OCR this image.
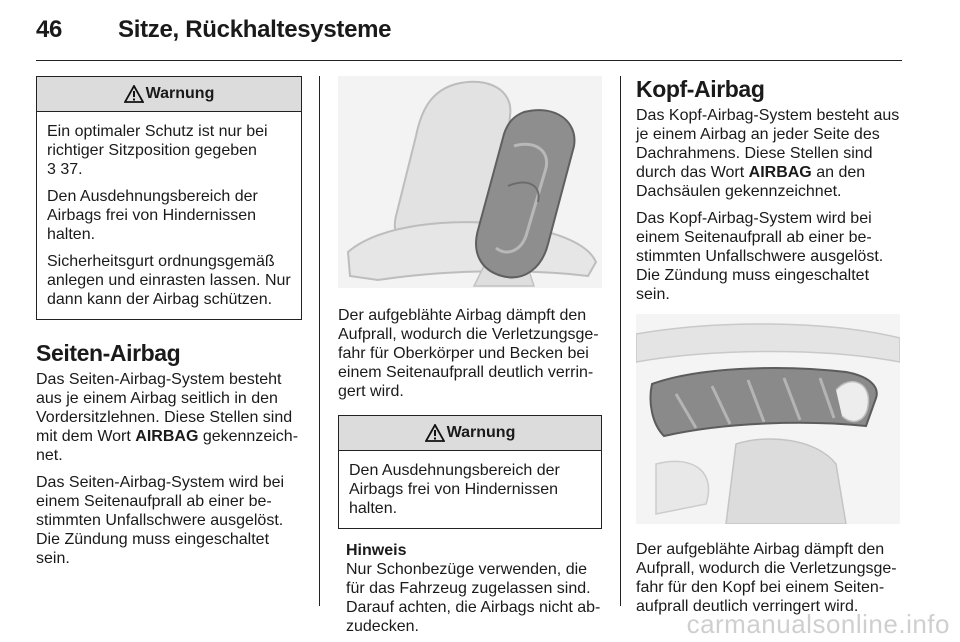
46 Sitze, Rückhaltesysteme
Warnung

Ein optimaler Schutz ist nur bei
richtiger Sitzposition gegeben
3 37.

Den Ausdehnungsbereich der Airbags frei von Hindernissen halten.

Sicherheitsgurt ordnungsgemäß anlegen und einrasten lassen. Nur dann kann der Airbag schützen.

Seiten-Airbag

Das Seiten-Airbag-System besteht aus je einem Airbag seitlich in den Vordersitzlehnen. Diese Stellen sind mit dem Wort AIRBAG gekennzeichnet.

Das Seiten-Airbag-System wird bei einem Seitenaufprall ab einer bestimmten Unfallschwere ausgelöst. Die Zündung muss eingeschaltet sein.

Der aufgeblähte Airbag dämpft den Aufprall, wodurch die Verletzungsgefahr für Oberkörper und Becken bei einem Seitenaufprall deutlich verringert wird.

Warnung

Den Ausdehnungsbereich der Airbags frei von Hindernissen halten.

Hinweis

Nur Schonbezüge verwenden, die für das Fahrzeug zugelassen sind. Darauf achten, die Airbags nicht abzudecken.

Kopf-Airbag

Das Kopf-Airbag-System besteht aus je einem Airbag an jeder Seite des Dachrahmens. Diese Stellen sind durch das Wort AIRBAG an den Dachsäulen gekennzeichnet.

Das Kopf-Airbag-System wird bei einem Seitenaufprall ab einer bestimmten Unfallschwere ausgelöst. Die Zündung muss eingeschaltet sein.

Der aufgeblähte Airbag dämpft den Aufprall, wodurch die Verletzungsgefahr für den Kopf bei einem Seitenaufprall deutlich verringert wird.

carmanualsonline.info
